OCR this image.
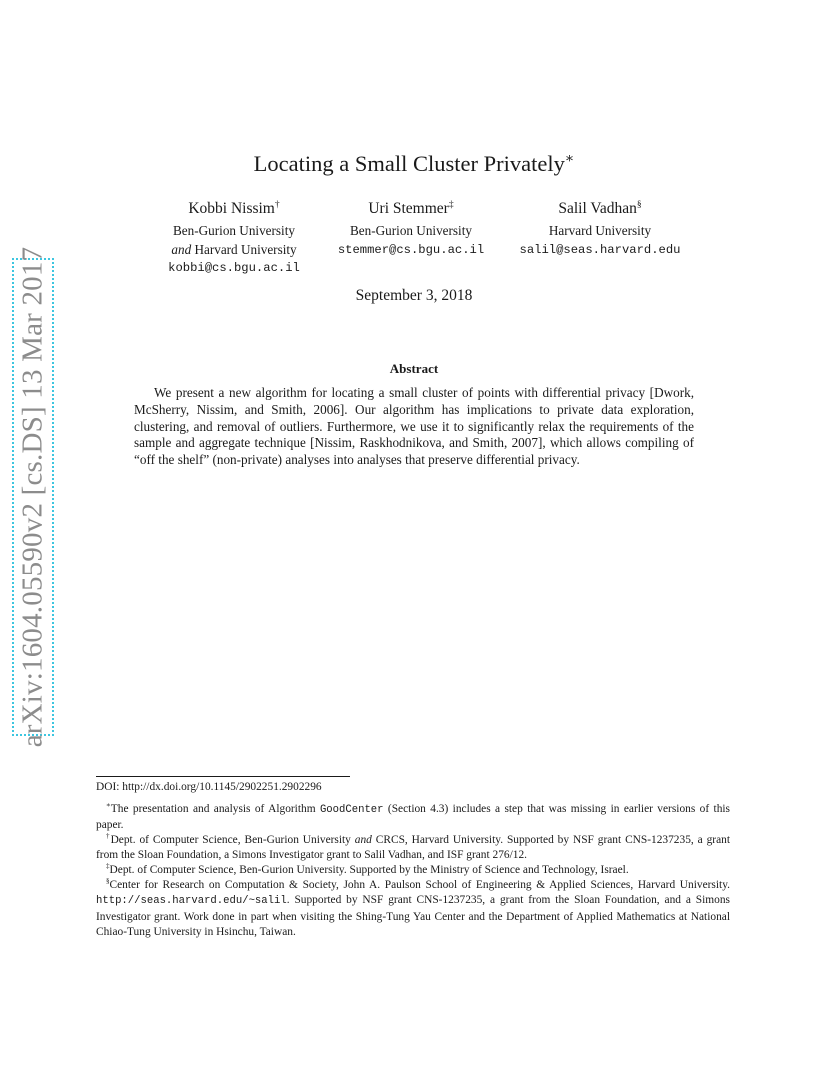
arXiv:1604.05590v2 [cs.DS] 13 Mar 2017
Locating a Small Cluster Privately∗
Kobbi Nissim†
Ben-Gurion University
and Harvard University
kobbi@cs.bgu.ac.il
Uri Stemmer‡
Ben-Gurion University
stemmer@cs.bgu.ac.il
Salil Vadhan§
Harvard University
salil@seas.harvard.edu
September 3, 2018
Abstract
We present a new algorithm for locating a small cluster of points with differential privacy [Dwork, McSherry, Nissim, and Smith, 2006]. Our algorithm has implications to private data exploration, clustering, and removal of outliers. Furthermore, we use it to significantly relax the requirements of the sample and aggregate technique [Nissim, Raskhodnikova, and Smith, 2007], which allows compiling of “off the shelf” (non-private) analyses into analyses that preserve differential privacy.
DOI: http://dx.doi.org/10.1145/2902251.2902296
∗The presentation and analysis of Algorithm GoodCenter (Section 4.3) includes a step that was missing in earlier versions of this paper.
†Dept. of Computer Science, Ben-Gurion University and CRCS, Harvard University. Supported by NSF grant CNS-1237235, a grant from the Sloan Foundation, a Simons Investigator grant to Salil Vadhan, and ISF grant 276/12.
‡Dept. of Computer Science, Ben-Gurion University. Supported by the Ministry of Science and Technology, Israel.
§Center for Research on Computation & Society, John A. Paulson School of Engineering & Applied Sciences, Harvard University. http://seas.harvard.edu/~salil. Supported by NSF grant CNS-1237235, a grant from the Sloan Foundation, and a Simons Investigator grant. Work done in part when visiting the Shing-Tung Yau Center and the Department of Applied Mathematics at National Chiao-Tung University in Hsinchu, Taiwan.
